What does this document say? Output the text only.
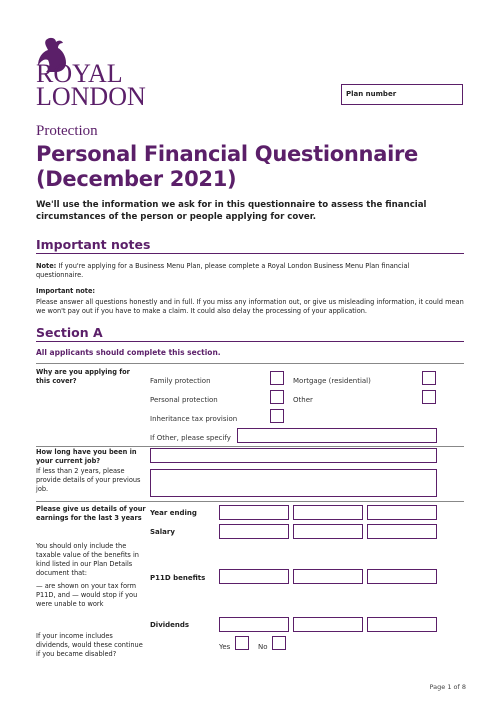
ROYAL
LONDON	Plan number
Protection
Personal Financial Questionnaire (December 2021)
We'll use the information we ask for in this questionnaire to assess the financial circumstances of the person or people applying for cover.
Important notes
Note: If you're applying for a Business Menu Plan, please complete a Royal London Business Menu Plan financial questionnaire.
Important note:
Please answer all questions honestly and in full. If you miss any information out, or give us misleading information, it could mean we won't pay out if you have to make a claim. It could also delay the processing of your application.
Section A
All applicants should complete this section.
Why are you applying for this cover?	Family protection	Mortgage (residential)
Personal protection	Other
Inheritance tax provision
If Other, please specify
How long have you been in your current job?
If less than 2 years, please provide details of your previous job.
Please give us details of your earnings for the last 3 years
Year ending
Salary
You should only include the taxable value of the benefits in kind listed in our Plan Details document that:
— are shown on your tax form P11D, and — would stop if you were unable to work
P11D benefits
Dividends
If your income includes dividends, would these continue if you became disabled?
Yes	No
Page 1 of 8
